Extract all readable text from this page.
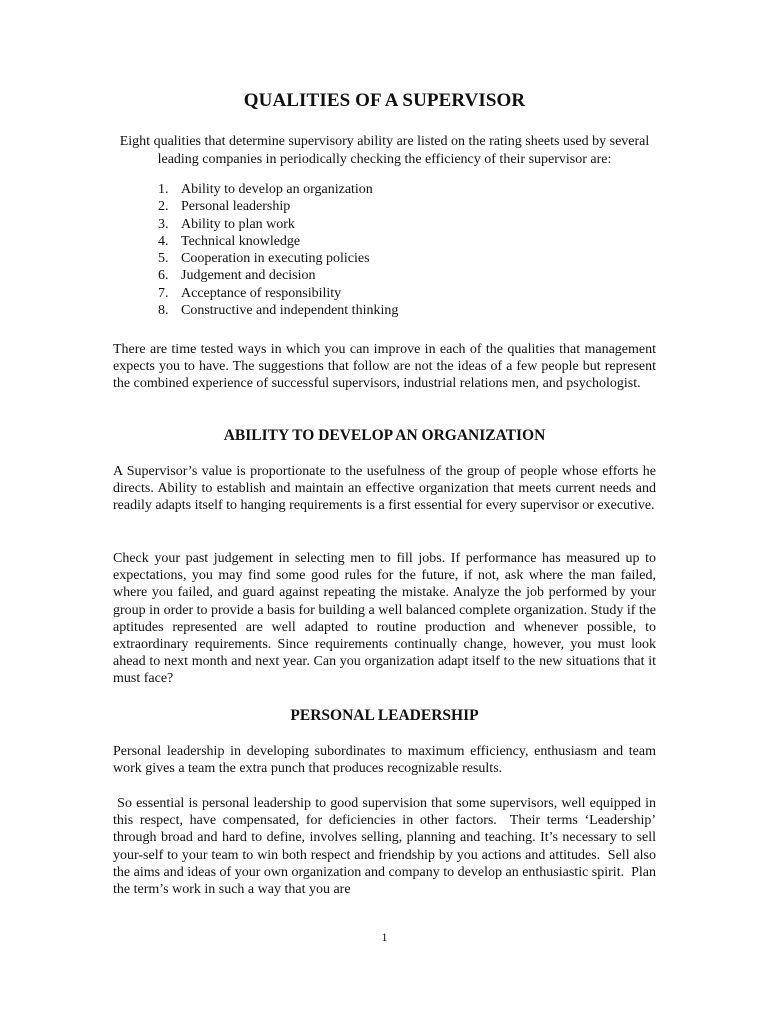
QUALITIES OF A SUPERVISOR

Eight qualities that determine supervisory ability are listed on the rating sheets used by several leading companies in periodically checking the efficiency of their supervisor are:

1. Ability to develop an organization
2. Personal leadership
3. Ability to plan work
4. Technical knowledge
5. Cooperation in executing policies
6. Judgement and decision
7. Acceptance of responsibility
8. Constructive and independent thinking

There are time tested ways in which you can improve in each of the qualities that management expects you to have. The suggestions that follow are not the ideas of a few people but represent the combined experience of successful supervisors, industrial relations men, and psychologist.

ABILITY TO DEVELOP AN ORGANIZATION

A Supervisor’s value is proportionate to the usefulness of the group of people whose efforts he directs. Ability to establish and maintain an effective organization that meets current needs and readily adapts itself to hanging requirements is a first essential for every supervisor or executive.

Check your past judgement in selecting men to fill jobs. If performance has measured up to expectations, you may find some good rules for the future, if not, ask where the man failed, where you failed, and guard against repeating the mistake. Analyze the job performed by your group in order to provide a basis for building a well balanced complete organization. Study if the aptitudes represented are well adapted to routine production and whenever possible, to extraordinary requirements. Since requirements continually change, however, you must look ahead to next month and next year. Can you organization adapt itself to the new situations that it must face?

PERSONAL LEADERSHIP

Personal leadership in developing subordinates to maximum efficiency, enthusiasm and team work gives a team the extra punch that produces recognizable results.

So essential is personal leadership to good supervision that some supervisors, well equipped in this respect, have compensated, for deficiencies in other factors.  Their terms ‘Leadership’ through broad and hard to define, involves selling, planning and teaching. It’s necessary to sell your-self to your team to win both respect and friendship by you actions and attitudes.  Sell also the aims and ideas of your own organization and company to develop an enthusiastic spirit.  Plan the term’s work in such a way that you are

1
